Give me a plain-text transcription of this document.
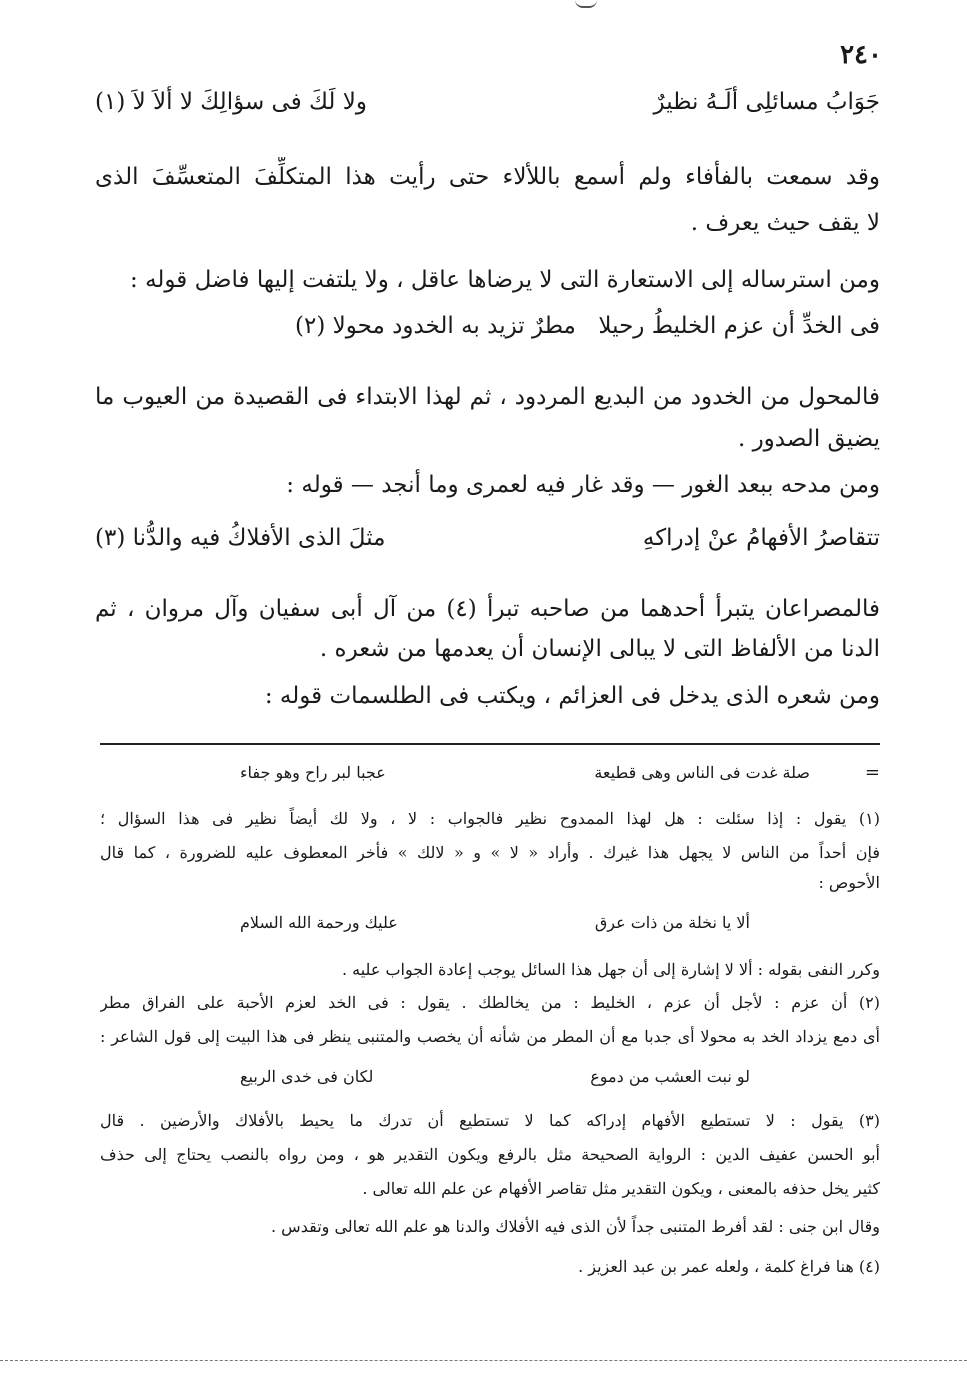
٢٤٠
جَوَابُ مسائلِى ألَـهُ نظيرٌ
ولا لَكَ فى سؤالِكَ لا ألاَ لاَ (١)
وقد سمعت بالفأفاء ولم أسمع باللألاء حتى رأيت هذا المتكلِّفَ المتعسِّفَ الذى
لا يقف حيث يعرف .
ومن استرساله إلى الاستعارة التى لا يرضاها عاقل ، ولا يلتفت إليها فاضل قوله :
فى الخدِّ أن عزم الخليطُ رحيلا
مطرٌ تزيد به الخدود محولا (٢)
فالمحول من الخدود من البديع المردود ، ثم لهذا الابتداء فى القصيدة من العيوب ما
يضيق الصدور .
ومن مدحه ببعد الغور — وقد غار فيه لعمرى وما أنجد — قوله :
تتقاصرُ الأفهامُ عنْ إدراكهِ
مثلَ الذى الأفلاكُ فيه والدُّنا (٣)
فالمصراعان يتبرأ أحدهما من صاحبه تبرأ (٤) من آل أبى سفيان وآل مروان ، ثم
الدنا من الألفاظ التى لا يبالى الإنسان أن يعدمها من شعره .
ومن شعره الذى يدخل فى العزائم ، ويكتب فى الطلسمات قوله :
=
صلة غدت فى الناس وهى قطيعة
عجبا لبر راح وهو جفاء
(١) يقول : إذا سئلت : هل لهذا الممدوح نظير فالجواب : لا ، ولا لك أيضاً نظير فى هذا السؤال ؛
فإن أحداً من الناس لا يجهل هذا غيرك . وأراد « لا » و « لالك » فأخر المعطوف عليه للضرورة ، كما قال
الأحوص :
ألا يا نخلة من ذات عرق
عليك ورحمة الله السلام
وكرر النفى بقوله : ألا لا إشارة إلى أن جهل هذا السائل يوجب إعادة الجواب عليه .
(٢) أن عزم : لأجل أن عزم ، الخليط : من يخالطك . يقول : فى الخد لعزم الأحبة على الفراق مطر
أى دمع يزداد الخد به محولا أى جدبا مع أن المطر من شأنه أن يخصب والمتنبى ينظر فى هذا البيت إلى قول الشاعر :
لو نبت العشب من دموع
لكان فى خدى الربيع
(٣) يقول : لا تستطيع الأفهام إدراكه كما لا تستطيع أن تدرك ما يحيط بالأفلاك والأرضين . قال
أبو الحسن عفيف الدين : الرواية الصحيحة مثل بالرفع ويكون التقدير هو ، ومن رواه بالنصب يحتاج إلى حذف
كثير يخل حذفه بالمعنى ، ويكون التقدير مثل تقاصر الأفهام عن علم الله تعالى .
وقال ابن جنى : لقد أفرط المتنبى جداً لأن الذى فيه الأفلاك والدنا هو علم الله تعالى وتقدس .
(٤) هنا فراغ كلمة ، ولعله عمر بن عبد العزيز .
